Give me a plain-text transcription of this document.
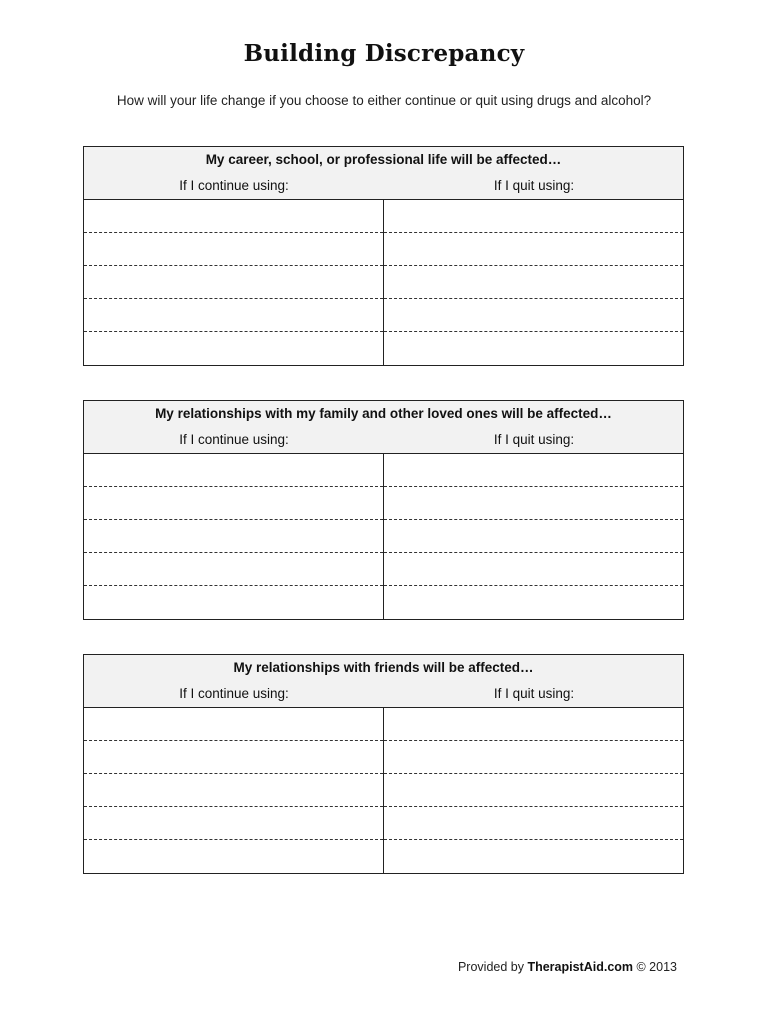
Building Discrepancy
How will your life change if you choose to either continue or quit using drugs and alcohol?
My career, school, or professional life will be affected…
If I continue using:	If I quit using:
My relationships with my family and other loved ones will be affected…
If I continue using:	If I quit using:
My relationships with friends will be affected…
If I continue using:	If I quit using:
Provided by TherapistAid.com © 2013
